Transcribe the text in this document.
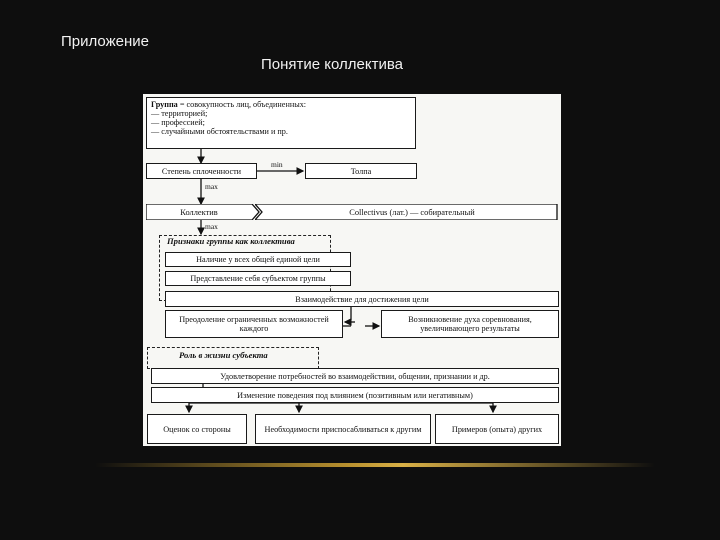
Приложение
Понятие коллектива
Группа = совокупность лиц, объединенных:
— территорией;
— профессией;
— случайными обстоятельствами и пр.
Степень сплоченности
min
Толпа
max
Коллектив	Collectivus (лат.) — собирательный
max
Признаки группы как коллектива
Наличие у всех общей единой цели
Представление себя субъектом группы
Взаимодействие для достижения цели
Преодоление ограниченных возможностей каждого
Возникновение духа соревнования, увеличивающего результаты
Роль в жизни субъекта
Удовлетворение потребностей во взаимодействии, общении, признании и др.
Изменение поведения под влиянием (позитивным или негативным)
Оценок со стороны	Необходимости приспосабливаться к другим	Примеров (опыта) других
